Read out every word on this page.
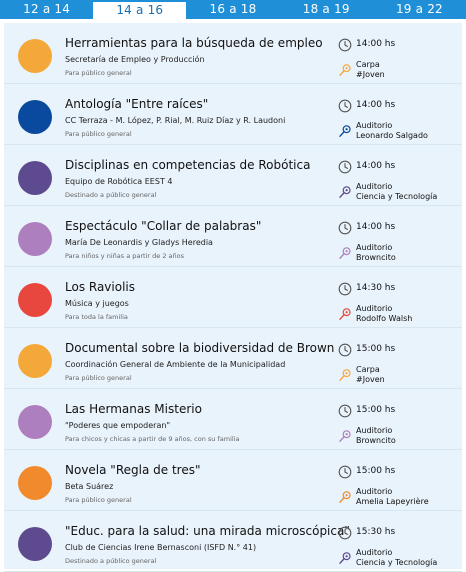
12 a 14	14 a 16	16 a 18	18 a 19	19 a 22
Herramientas para la búsqueda de empleo
Secretaría de Empleo y Producción
Para público general
14:00 hs
Carpa
#Joven
Antología "Entre raíces"
CC Terraza - M. López, P. Rial, M. Ruiz Díaz y R. Laudoni
Para público general
14:00 hs
Auditorio
Leonardo Salgado
Disciplinas en competencias de Robótica
Equipo de Robótica EEST 4
Destinado a público general
14:00 hs
Auditorio
Ciencia y Tecnología
Espectáculo "Collar de palabras"
María De Leonardis y Gladys Heredia
Para niños y niñas a partir de 2 años
14:00 hs
Auditorio
Browncito
Los Raviolis
Música y juegos
Para toda la familia
14:30 hs
Auditorio
Rodolfo Walsh
Documental sobre la biodiversidad de Brown
Coordinación General de Ambiente de la Municipalidad
Para público general
15:00 hs
Carpa
#Joven
Las Hermanas Misterio
"Poderes que empoderan"
Para chicos y chicas a partir de 9 años, con su familia
15:00 hs
Auditorio
Browncito
Novela "Regla de tres"
Beta Suárez
Para público general
15:00 hs
Auditorio
Amelia Lapeyrière
"Educ. para la salud: una mirada microscópica"
Club de Ciencias Irene Bernasconi (ISFD N.° 41)
Destinado a público general
15:30 hs
Auditorio
Ciencia y Tecnología
